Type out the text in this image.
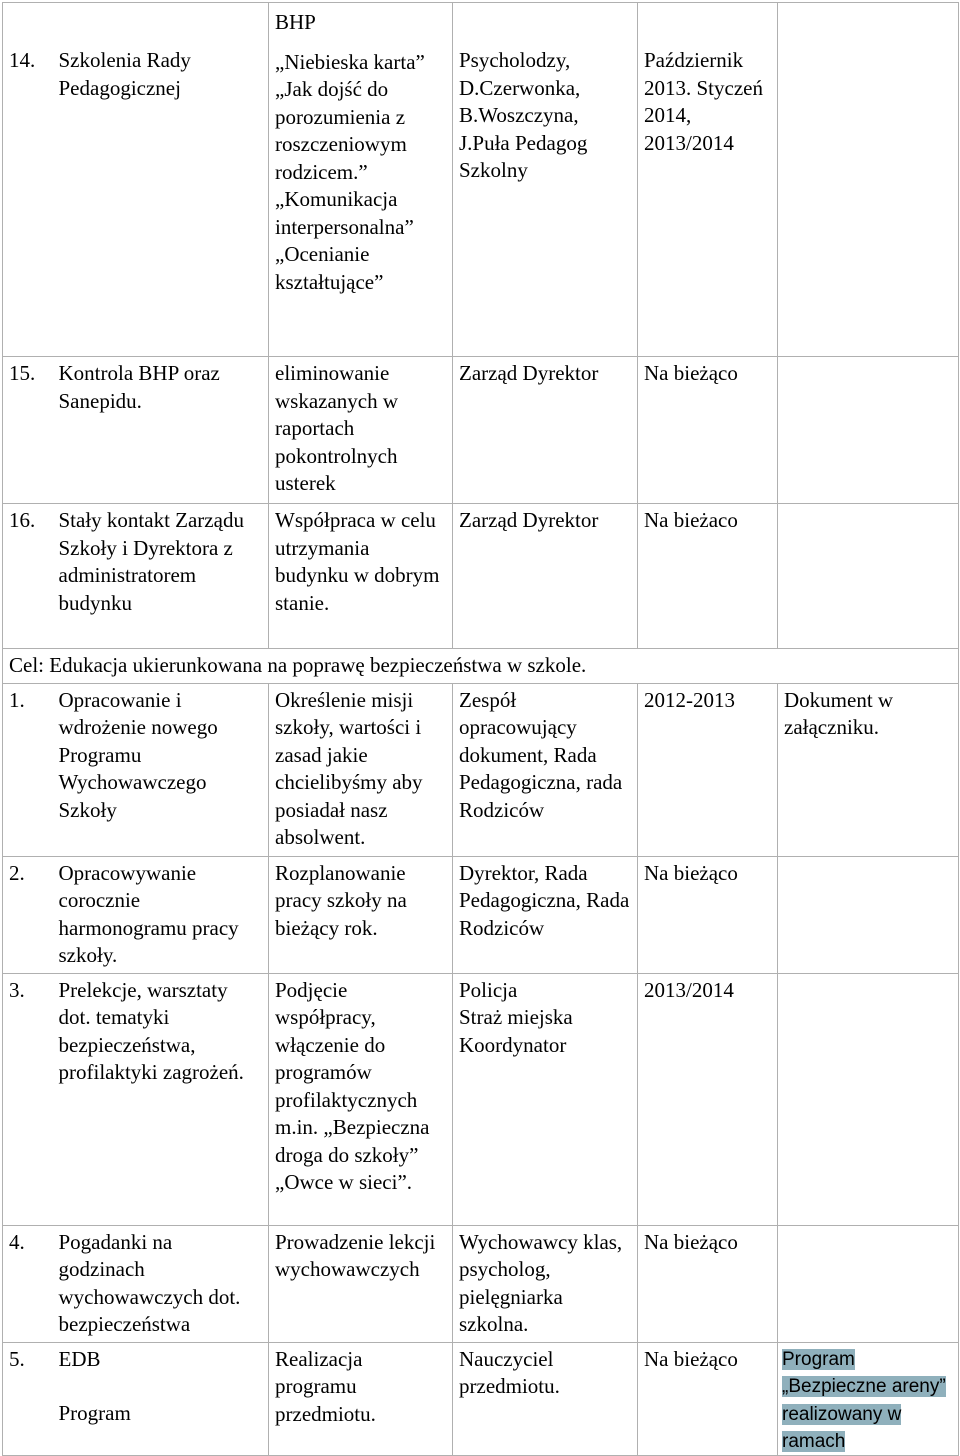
14.	Szkolenia Rady Pedagogicznej	BHP
„Niebieska karta”
„Jak dojść do porozumienia z roszczeniowym rodzicem.”
„Komunikacja interpersonalna”
„Ocenianie kształtujące”	Psycholodzy, D.Czerwonka, B.Woszczyna, J.Puła Pedagog Szkolny	Październik 2013. Styczeń 2014, 2013/2014	
15.	Kontrola BHP oraz Sanepidu.	eliminowanie wskazanych w raportach pokontrolnych usterek	Zarząd Dyrektor	Na bieżąco	
16.	Stały kontakt Zarządu Szkoły i Dyrektora z administratorem budynku	Współpraca w celu utrzymania budynku w dobrym stanie.	Zarząd Dyrektor	Na bieżaco	
Cel: Edukacja ukierunkowana na poprawę bezpieczeństwa w szkole.					
1.	Opracowanie i wdrożenie nowego Programu Wychowawczego Szkoły	Określenie misji szkoły, wartości i zasad jakie chcielibyśmy aby posiadał nasz absolwent.	Zespół opracowujący dokument, Rada Pedagogiczna, rada Rodziców	2012-2013	Dokument w załączniku.
2.	Opracowywanie corocznie harmonogramu pracy szkoły.	Rozplanowanie pracy szkoły na bieżący rok.	Dyrektor, Rada Pedagogiczna, Rada Rodziców	Na bieżąco	
3.	Prelekcje, warsztaty dot. tematyki bezpieczeństwa, profilaktyki zagrożeń.	Podjęcie współpracy, włączenie do programów profilaktycznych m.in. „Bezpieczna droga do szkoły” „Owce w sieci”.	Policja
Straż miejska
Koordynator	2013/2014	
4.	Pogadanki na godzinach wychowawczych dot. bezpieczeństwa	Prowadzenie lekcji wychowawczych	Wychowawcy klas, psycholog, pielęgniarka szkolna.	Na bieżąco	
5.	EDB
Program	Realizacja programu przedmiotu.	Nauczyciel przedmiotu.	Na bieżąco	Program „Bezpieczne areny” realizowany w ramach
